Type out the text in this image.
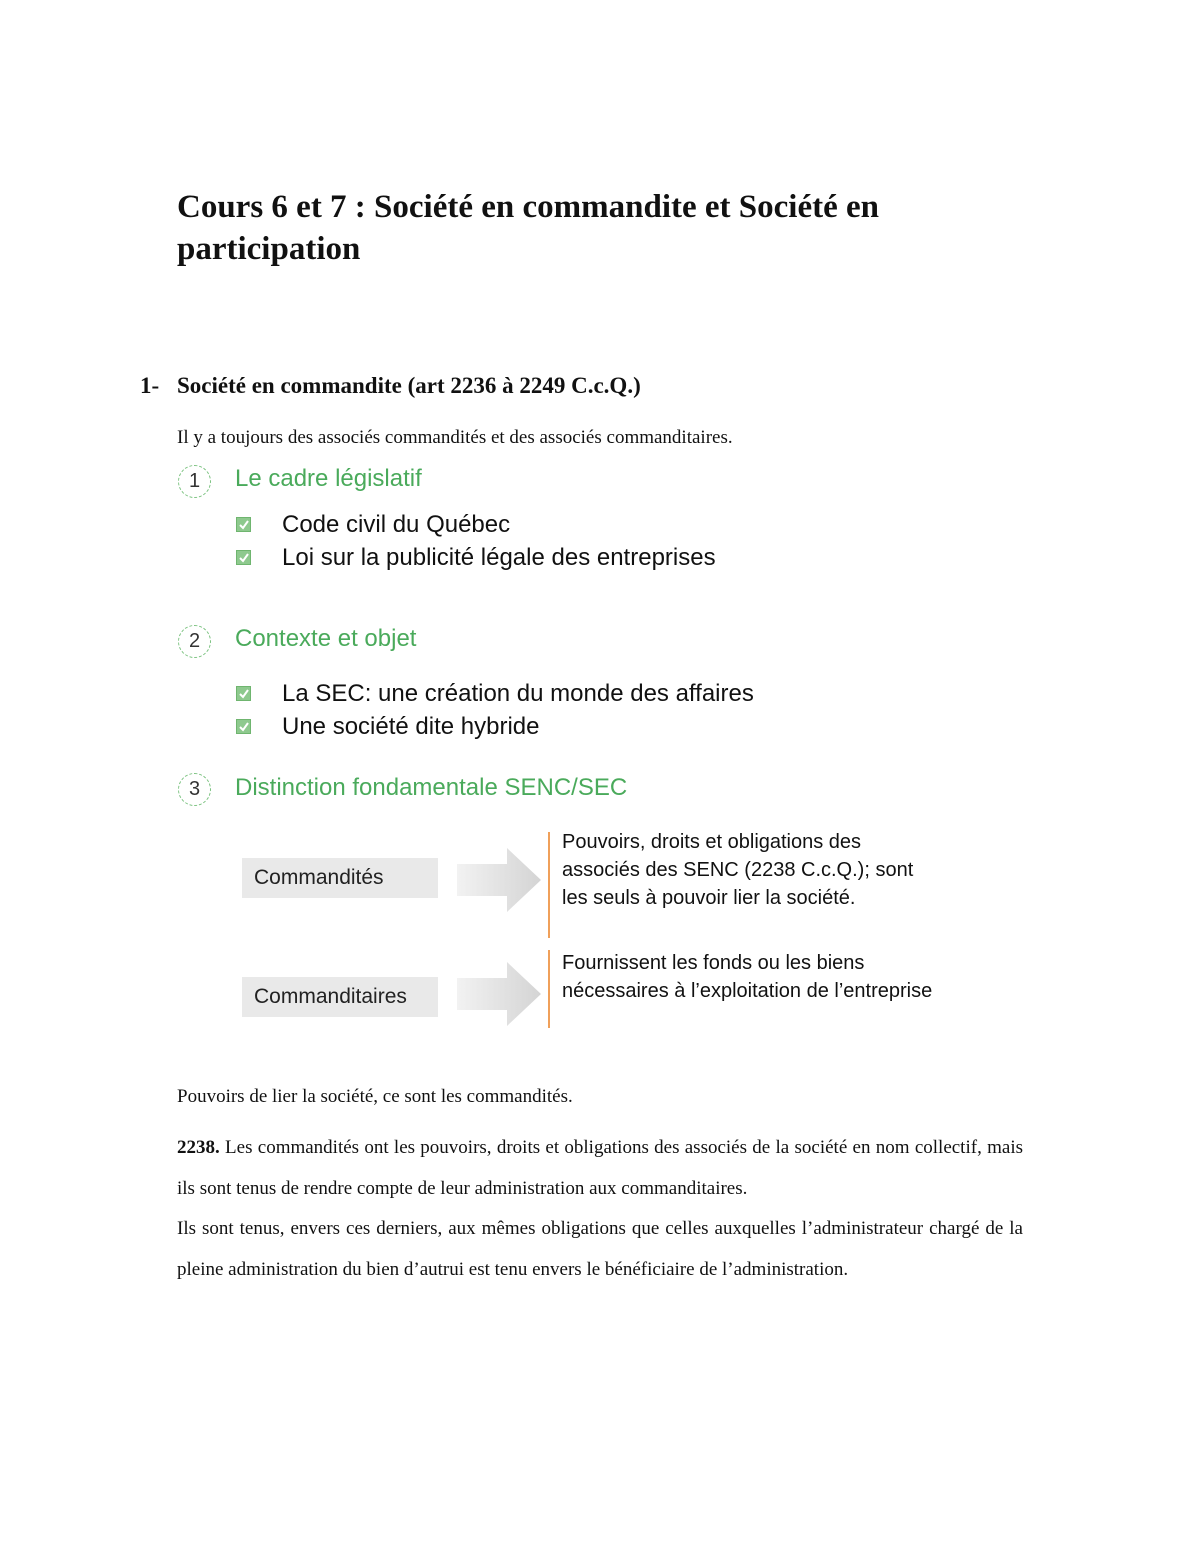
Cours 6 et 7 : Société en commandite et Société en participation
1- Société en commandite (art 2236 à 2249 C.c.Q.)

Il y a toujours des associés commandités et des associés commanditaires.

1	Le cadre législatif
Code civil du Québec
Loi sur la publicité légale des entreprises
2	Contexte et objet
La SEC: une création du monde des affaires
Une société dite hybride
3	Distinction fondamentale SENC/SEC
Commandités

Pouvoirs, droits et obligations des associés des SENC (2238 C.c.Q.); sont les seuls à pouvoir lier la société.

Commanditaires

Fournissent les fonds ou les biens nécessaires à l’exploitation de l’entreprise

Pouvoirs de lier la société, ce sont les commandités.

2238. Les commandités ont les pouvoirs, droits et obligations des associés de la société en nom collectif, mais ils sont tenus de rendre compte de leur administration aux commanditaires.

Ils sont tenus, envers ces derniers, aux mêmes obligations que celles auxquelles l’administrateur chargé de la pleine administration du bien d’autrui est tenu envers le bénéficiaire de l’administration.
